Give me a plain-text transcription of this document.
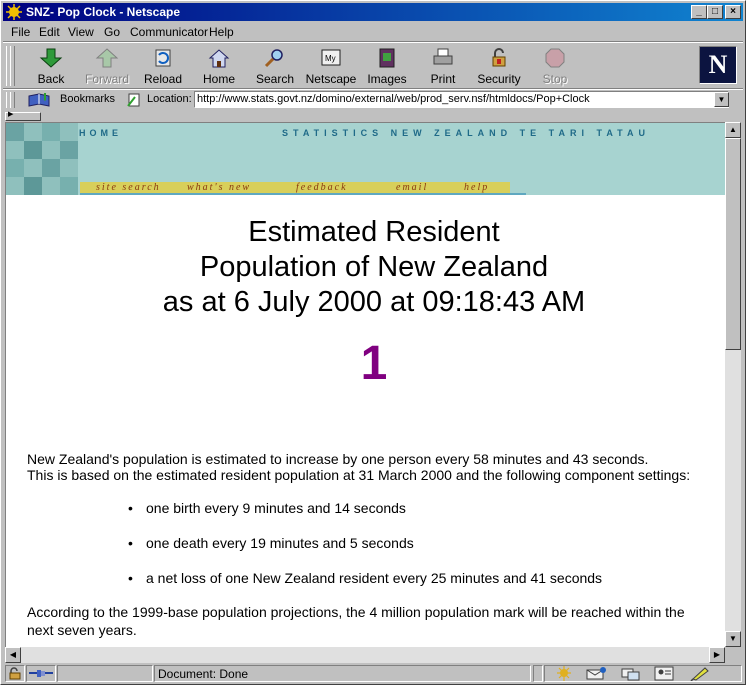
SNZ- Pop Clock - Netscape	_	□	×
File Edit View Go Communicator Help
Back	Forward	Reload	Home	Search
My
Netscape Images	Print	Security	Stop	N
Bookmarks	Location: http://www.stats.govt.nz/domino/external/web/prod_serv.nsf/htmldocs/Pop+Clock	▼
▶
HOME	STATISTICS NEW ZEALAND TE TARI TATAU
site search	what's new	feedback	email	help
Estimated Resident
Population of New Zealand
as at 6 July 2000 at 09:18:43 AM
1
New Zealand's population is estimated to increase by one person every 58 minutes and 43 seconds.
This is based on the estimated resident population at 31 March 2000 and the following component settings:
• one birth every 9 minutes and 14 seconds
• one death every 19 minutes and 5 seconds
• a net loss of one New Zealand resident every 25 minutes and 41 seconds
According to the 1999-base population projections, the 4 million population mark will be reached within the
next seven years.
▲
▼
◀	▶
Document: Done
